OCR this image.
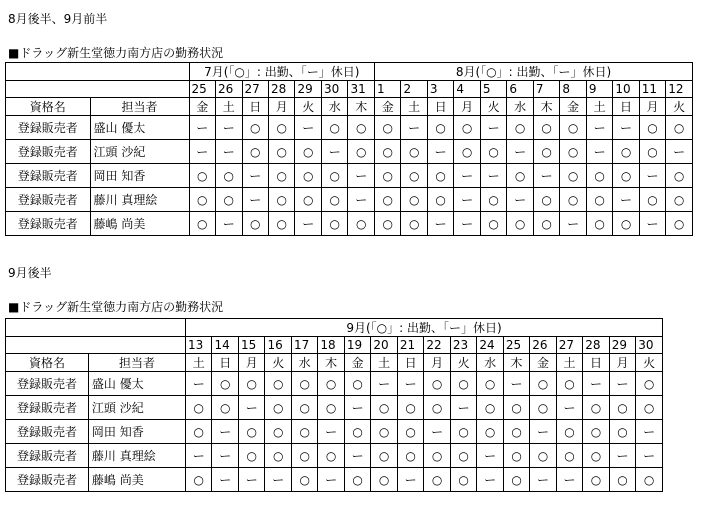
8月後半、9月前半
■ドラッグ新生堂徳力南方店の勤務状況
		7月(「○」: 出勤、「ー」休日)							8月(「○」: 出勤、「ー」休日)											
		25	26	27	28	29	30	31	1	2	3	4	5	6	7	8	9	10	11	12
資格名	担当者	金	土	日	月	火	水	木	金	土	日	月	火	水	木	金	土	日	月	火
登録販売者	盛山 優太	ー	ー	○	○	ー	○	○	○	ー	○	○	ー	○	○	○	ー	ー	○	○
登録販売者	江頭 沙紀	ー	ー	○	○	○	ー	○	○	○	ー	○	○	ー	○	○	ー	○	○	ー
登録販売者	岡田 知香	○	○	ー	○	○	○	ー	○	○	○	ー	ー	○	ー	○	○	○	ー	○
登録販売者	藤川 真理絵	○	○	ー	○	○	○	ー	○	○	○	ー	○	ー	○	○	○	ー	○	○
登録販売者	藤嶋 尚美	○	ー	○	○	ー	○	○	○	○	ー	ー	○	○	○	ー	○	○	ー	○
9月後半
■ドラッグ新生堂徳力南方店の勤務状況
		9月(「○」: 出勤、「ー」休日)																	
		13	14	15	16	17	18	19	20	21	22	23	24	25	26	27	28	29	30
資格名	担当者	土	日	月	火	水	木	金	土	日	月	火	水	木	金	土	日	月	火
登録販売者	盛山 優太	ー	○	○	○	○	○	○	ー	ー	○	○	○	ー	○	○	ー	ー	○
登録販売者	江頭 沙紀	○	○	ー	○	○	○	ー	○	○	○	ー	○	○	○	ー	○	○	○
登録販売者	岡田 知香	○	ー	○	○	○	ー	○	○	○	ー	○	○	○	ー	○	○	○	ー
登録販売者	藤川 真理絵	ー	ー	○	○	○	○	ー	○	○	○	○	ー	○	○	○	○	ー	ー
登録販売者	藤嶋 尚美	○	ー	ー	ー	○	ー	○	○	ー	○	○	ー	○	ー	ー	○	○	○
